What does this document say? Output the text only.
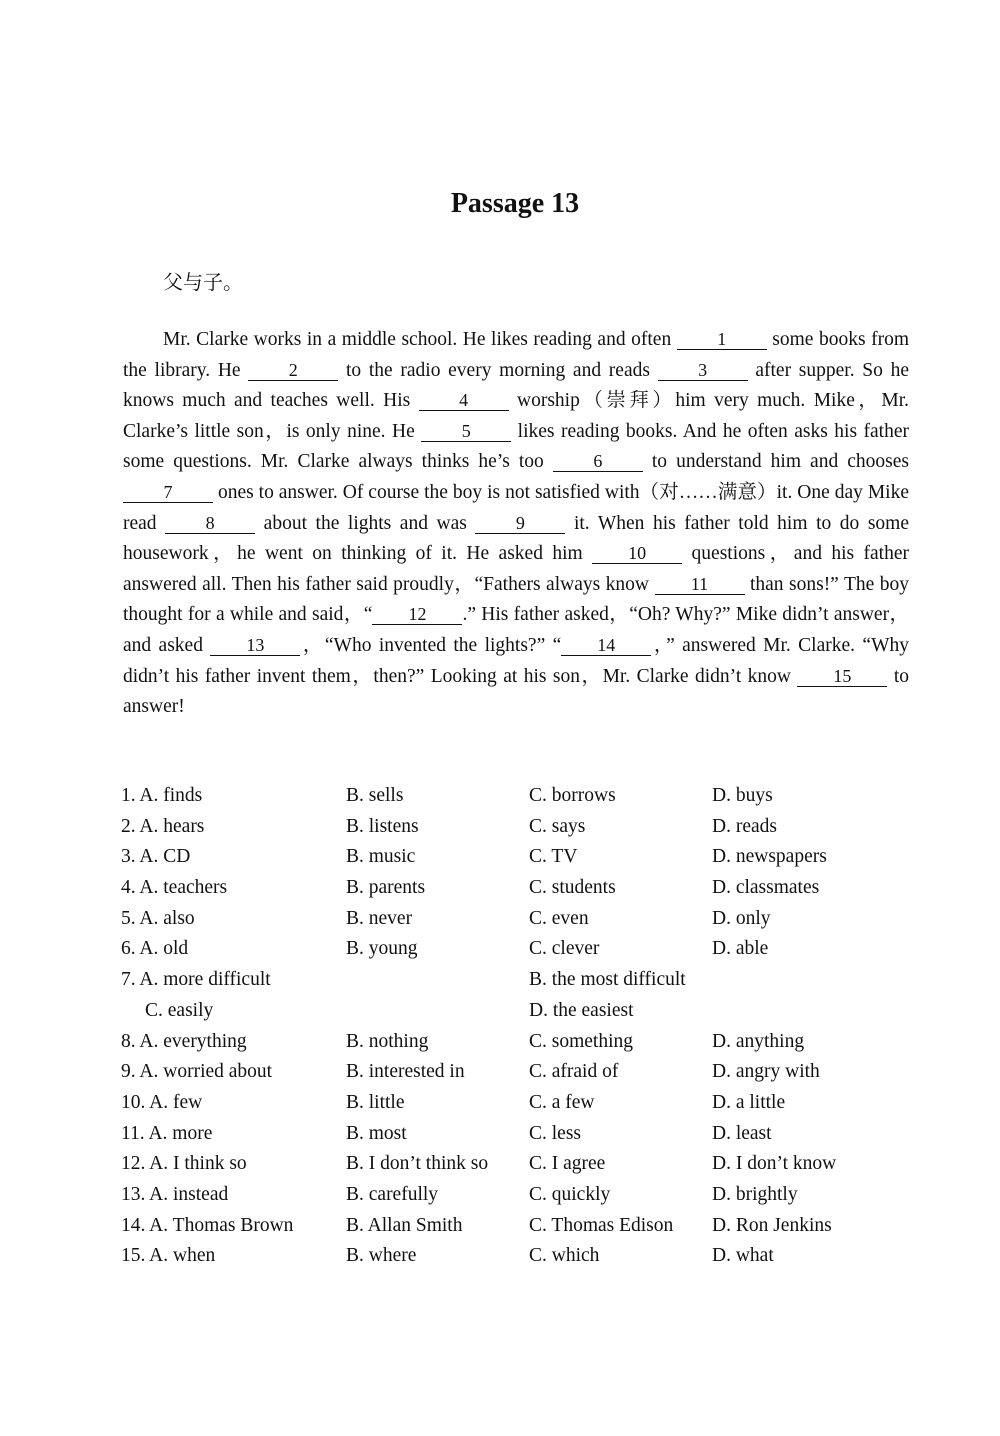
Passage 13
父与子。
Mr. Clarke works in a middle school. He likes reading and often 1 some books from the library. He 2 to the radio every morning and reads 3 after supper. So he knows much and teaches well. His 4 worship（崇拜）him very much. Mike，Mr. Clarke’s little son，is only nine. He 5 likes reading books. And he often asks his father some questions. Mr. Clarke always thinks he’s too 6 to understand him and chooses 7 ones to answer. Of course the boy is not satisfied with（对……满意）it. One day Mike read 8 about the lights and was 9 it. When his father told him to do some housework，he went on thinking of it. He asked him 10 questions，and his father answered all. Then his father said proudly，“Fathers always know 11 than sons!” The boy thought for a while and said，“ 12 .” His father asked，“Oh? Why?” Mike didn’t answer，and asked 13 ，“Who invented the lights?” “ 14 ，” answered Mr. Clarke. “Why didn’t his father invent them，then?” Looking at his son，Mr. Clarke didn’t know 15 to answer!
1. A. finds	B. sells	C. borrows	D. buys
2. A. hears	B. listens	C. says	D. reads
3. A. CD	B. music	C. TV	D. newspapers
4. A. teachers	B. parents	C. students	D. classmates
5. A. also	B. never	C. even	D. only
6. A. old	B. young	C. clever	D. able
7. A. more difficult	B. the most difficult
C. easily	D. the easiest
8. A. everything	B. nothing	C. something	D. anything
9. A. worried about	B. interested in	C. afraid of	D. angry with
10. A. few	B. little	C. a few	D. a little
11. A. more	B. most	C. less	D. least
12. A. I think so	B. I don’t think so C. I agree	D. I don’t know
13. A. instead	B. carefully	C. quickly	D. brightly
14. A. Thomas Brown	B. Allan Smith	C. Thomas Edison D. Ron Jenkins
15. A. when	B. where	C. which	D. what
